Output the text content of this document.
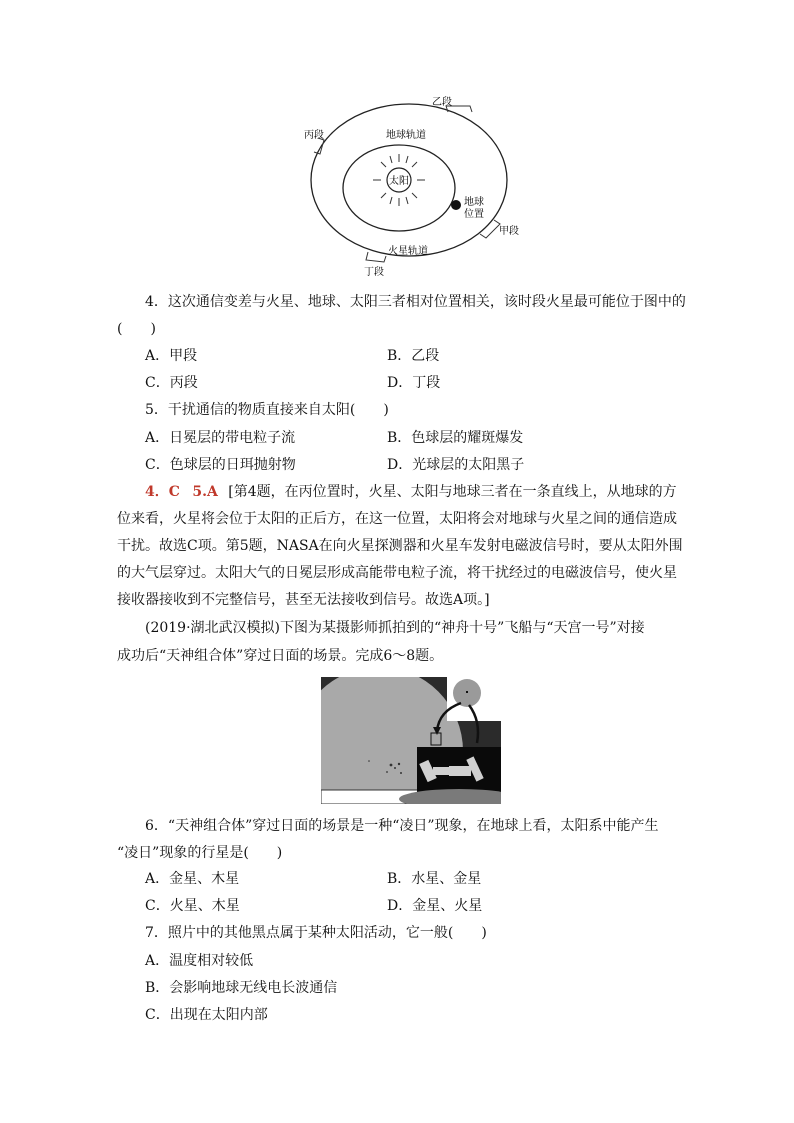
太阳
地球
位置
地球轨道
火星轨道
乙段
丙段
甲段
丁段
4．这次通信变差与火星、地球、太阳三者相对位置相关，该时段火星最可能位于图中的
(　　)
A．甲段	B．乙段
C．丙段	D．丁段
5．干扰通信的物质直接来自太阳(　　)
A．日冕层的带电粒子流	B．色球层的耀斑爆发
C．色球层的日珥抛射物	D．光球层的太阳黑子
4．C 5.A [第4题，在丙位置时，火星、太阳与地球三者在一条直线上，从地球的方
位来看，火星将会位于太阳的正后方，在这一位置，太阳将会对地球与火星之间的通信造成
干扰。故选C项。第5题，NASA在向火星探测器和火星车发射电磁波信号时，要从太阳外围
的大气层穿过。太阳大气的日冕层形成高能带电粒子流，将干扰经过的电磁波信号，使火星
接收器接收到不完整信号，甚至无法接收到信号。故选A项。]
(2019·湖北武汉模拟)下图为某摄影师抓拍到的“神舟十号”飞船与“天宫一号”对接
成功后“天神组合体”穿过日面的场景。完成6～8题。
6．“天神组合体”穿过日面的场景是一种“凌日”现象，在地球上看，太阳系中能产生
“凌日”现象的行星是(　　)
A．金星、木星	B．水星、金星
C．火星、木星	D．金星、火星
7．照片中的其他黑点属于某种太阳活动，它一般(　　)
A．温度相对较低
B．会影响地球无线电长波通信
C．出现在太阳内部
